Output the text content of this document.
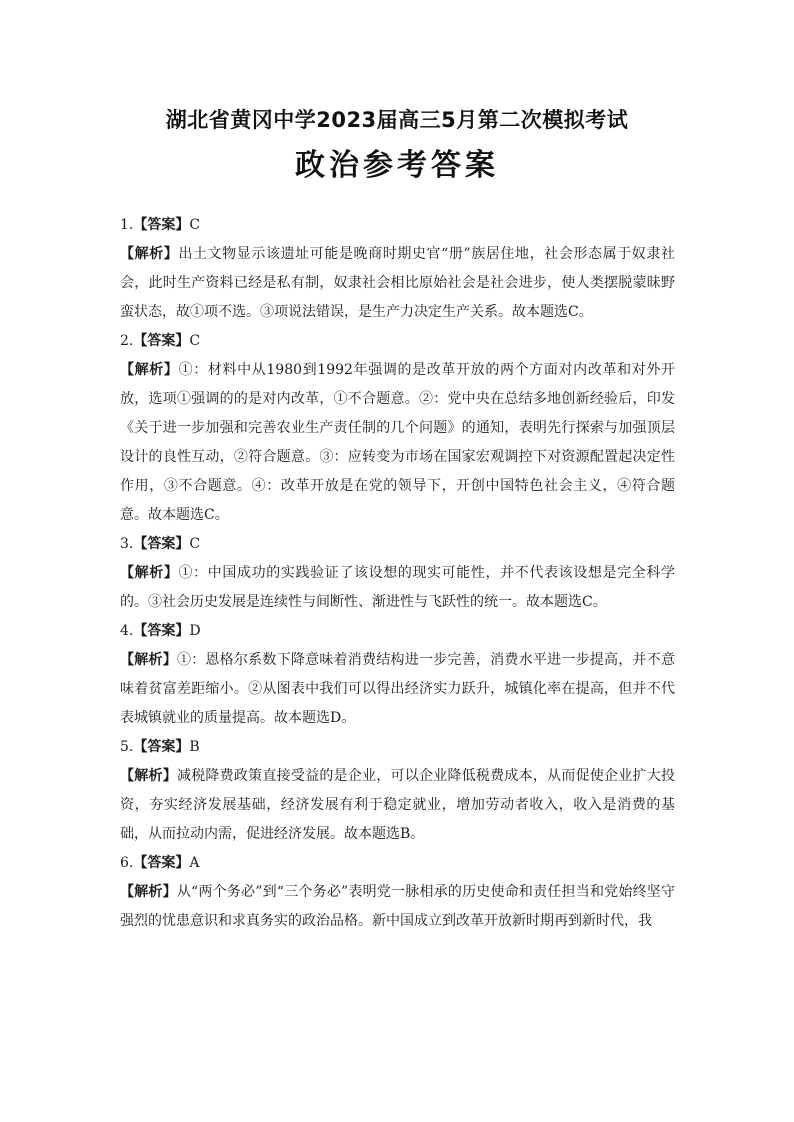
湖北省黄冈中学2023届高三5月第二次模拟考试
政治参考答案

1.【答案】C

【解析】出土文物显示该遗址可能是晚商时期史官“册”族居住地，社会形态属于奴隶社会，此时生产资料已经是私有制，奴隶社会相比原始社会是社会进步，使人类摆脱蒙昧野蛮状态，故①项不选。③项说法错误，是生产力决定生产关系。故本题选C。

2.【答案】C

【解析】①：材料中从1980到1992年强调的是改革开放的两个方面对内改革和对外开放，选项①强调的的是对内改革，①不合题意。②：党中央在总结多地创新经验后，印发《关于进一步加强和完善农业生产责任制的几个问题》的通知，表明先行探索与加强顶层设计的良性互动，②符合题意。③：应转变为市场在国家宏观调控下对资源配置起决定性作用，③不合题意。④：改革开放是在党的领导下，开创中国特色社会主义，④符合题意。故本题选C。

3.【答案】C

【解析】①：中国成功的实践验证了该设想的现实可能性，并不代表该设想是完全科学的。③社会历史发展是连续性与间断性、渐进性与飞跃性的统一。故本题选C。

4.【答案】D

【解析】①：恩格尔系数下降意味着消费结构进一步完善，消费水平进一步提高，并不意味着贫富差距缩小。②从图表中我们可以得出经济实力跃升，城镇化率在提高，但并不代表城镇就业的质量提高。故本题选D。

5.【答案】B

【解析】减税降费政策直接受益的是企业，可以企业降低税费成本，从而促使企业扩大投资，夯实经济发展基础，经济发展有利于稳定就业，增加劳动者收入，收入是消费的基础，从而拉动内需，促进经济发展。故本题选B。

6.【答案】A

【解析】从“两个务必”到“三个务必”表明党一脉相承的历史使命和责任担当和党始终坚守强烈的忧患意识和求真务实的政治品格。新中国成立到改革开放新时期再到新时代，我
